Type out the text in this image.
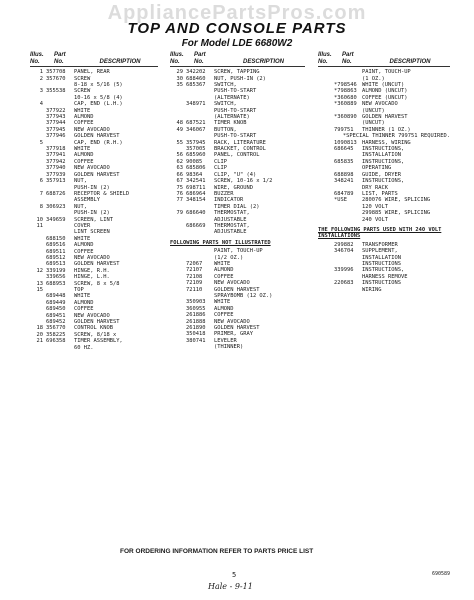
AppliancePartsPros.com
TOP AND CONSOLE PARTS
For Model LDE 6680W2
Illus.	Part
No.	No.	DESCRIPTION
1 357708	PANEL, REAR
2 357670	SCREW
8-18 x 5/16 (5)
3 355538	SCREW
10-16 x 5/8 (4)
4	CAP, END (L.H.)
377922	WHITE
377943	ALMOND
377944	COFFEE
377945	NEW AVOCADO
377946	GOLDEN HARVEST
5	CAP, END (R.H.)
377918	WHITE
377941	ALMOND
377942	COFFEE
377940	NEW AVOCADO
377939	GOLDEN HARVEST
6 357913	NUT,
PUSH-IN (2)
7 688726	RECEPTOR & SHIELD
ASSEMBLY
8 306923	NUT,
PUSH-IN (2)
10 349659	SCREEN, LINT
11	COVER
LINT SCREEN
688150	WHITE
689516	ALMOND
689511	COFFEE
689512	NEW AVOCADO
689513	GOLDEN HARVEST
12 339199	HINGE, R.H.
339656	HINGE, L.H.
13 688953	SCREW, 8 x 5/8
15	TOP
689448	WHITE
689449	ALMOND
689450	COFFEE
689451	NEW AVOCADO
689452	GOLDEN HARVEST
18 356770	CONTROL KNOB
20 358225	SCREW, 8/18 x
21 696358	TIMER ASSEMBLY,
60 HZ.
Illus.	Part
No.	No.	DESCRIPTION
29 342202	SCREW, TAPPING
30 688460	NUT, PUSH-IN (2)
35 685367	SWITCH,
PUSH-TO-START
(ALTERNATE)
348971	SWITCH,
PUSH-TO-START
(ALTERNATE)
48 687521	TIMER KNOB
49 346067	BUTTON,
PUSH-TO-START
55 357945	RACK, LITERATURE
357005	BRACKET, CONTROL
56 685960	PANEL, CONTROL
62 90085	CLIP
63 685806	CLIP
66 98364	CLIP, "U" (4)
67 342541	SCREW, 10-16 x 1/2
75 698711	WIRE, GROUND
76 686964	BUZZER
77 348154	INDICATOR
TIMER DIAL (2)
79 686640	THERMOSTAT,
ADJUSTABLE
686669	THERMOSTAT,
ADJUSTABLE
FOLLOWING PARTS NOT ILLUSTRATED
PAINT, TOUCH-UP
(1/2 OZ.)
72067	WHITE
72107	ALMOND
72108	COFFEE
72109	NEW AVOCADO
72110	GOLDEN HARVEST
SPRAYBOMB (12 OZ.)
350903	WHITE
360955	ALMOND
261886	COFFEE
261888	NEW AVOCADO
261890	GOLDEN HARVEST
350418	PRIMER, GRAY
380741	LEVELER
(THINNER)
Illus.	Part
No.	No.	DESCRIPTION
PAINT, TOUCH-UP
(1 OZ.)
*798546 WHITE (UNCUT)
*798863 ALMOND (UNCUT)
*360680 COFFEE (UNCUT)
*360889 NEW AVOCADO
(UNCUT)
*360890 GOLDEN HARVEST
(UNCUT)
799751	THINNER (1 OZ.)
*SPECIAL THINNER 799751 REQUIRED.
1090813 HARNESS, WIRING
686645	INSTRUCTIONS,
INSTALLATION
685835	INSTRUCTIONS,
OPERATING
688898	GUIDE, DRYER
348241	INSTRUCTIONS,
DRY RACK
684789	LIST, PARTS
*USE	280076 WIRE, SPLICING
120 VOLT
299885 WIRE, SPLICING
240 VOLT
THE FOLLOWING PARTS USED WITH 240 VOLT INSTALLATIONS
299882	TRANSFORMER
346704	SUPPLEMENT,
INSTALLATION
INSTRUCTIONS
339996	INSTRUCTIONS,
HARNESS REMOVE
220683	INSTRUCTIONS
WIRING
FOR ORDERING INFORMATION REFER TO PARTS PRICE LIST
5	690589
Hale - 9-11
